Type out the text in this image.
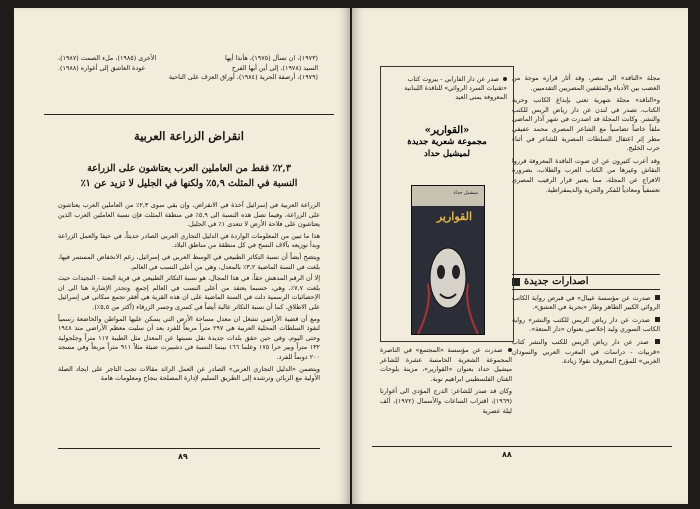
(١٩٧٣)، ان تسأل (١٩٧٥)، هأنذا أيها
الأخرى (١٩٨٥)، ملء الصمت (١٩٨٧)،
السيد (١٩٧٨)، إلى أين أيها الفرح
عودة العاشق إلى أغواره (١٩٨٨).
(١٩٧٩)، أرصفة الحرية (١٩٨٤)، أوراق العزف على الناحية
انقراض الزراعة العربية
٢,٣٪ فقط من العاملين العرب يعتاشون على الزراعة
النسبة في المثلث ٥,٩٪ ولكنها في الجليل لا تزيد عن ١٪

الزراعة العربية في إسرائيل آخذة في الانقراض، وإن بقي سوى ٢,٣٪ من العاملين العرب يعتاشون على الزراعة، وفيما تصل هذه النسبة الى ٥,٩٪ في منطقة المثلث فإن نسبة العاملين العرب الذين يعتاشون على فلاحة الأرض لا تتعدى ١٪ في الجليل.

هذا ما تبين من المعلومات الواردة في الدليل التجاري العربي الصادر حديثاً، في حيفا والعمل الزراعة وبدأ توزيعه بآلاف النسخ في كل منطقة من مناطق البلاد.

ويتضح أيضاً أن نسبة التكاثر الطبيعي في الوسط العربي في إسرائيل، رغم الانخفاض المستمر فيها، بلغت في السنة الماضية ٣,٢٪ بالمعدل، وهي من أعلى النسب في العالم.

إلا أن الرقم المدهش حقاً، في هذا المجال، هو نسبة التكاثر الطبيعي في قرية البعنة - النجيدات حيث بلغت ٧,٧٪، وهي، حسبما يعتقد من أعلى النسب في العالم إجمع. وتجدر الإشارة هنا الى ان الإحصائيات الرسمية دلت في السنة الماضية على ان هذه القرية هي أفقر تجمع سكاني في إسرائيل على الاطلاق. كما أن نسبة التكاثر عالية أيضاً في كسرى وجسر الزرقاء (أكثر من ٥,٥٪).

ومع أن قضية الأراضي تشغل ان معدل مساحة الأرض التي يسكن عليها المواطن والخاضعة رسمياً لنفوذ السلطات المحلية العربية هي ٢٩٧ متراً مربعاً للفرد بعد أن سلبت معظم الأراضي منذ ١٩٤٨ وحتى اليوم، وفي حين حقق بلدات جديدة نقل نسبتها عن المعدل مثل الطيبة ١١٧ متراً وجلجولية ١٣٢ متراً وبير حرا ١٧٥ وعلما ١٦٦ بينما النسبة في دشبيرت ضيئة مثلاً ٩١١ متراً مربعاً وفي مسجد ٢٠٠ دونماً للفرد.

ويتضمن «الدليل التجاري العربي» الصادر عن العمل الزائد مقالات تجب التاجر على ايجاد الصلة الأولية مع الزبائن وترشده إلى الطريق السليم لإدارة المصلحة بنجاح ومعلومات هامة

٨٩

مجلة «الناقد» الى مصر، وقد أثار قراره موجة من الغضب بين الأدباء والمثقفين المصريين التقدميين.

و«الناقد» مجلة شهرية تعنى بإبداع الكاتب وحرية الكتاب، تصدر في لندن عن دار رياض الريس للكتب والنشر. وكانت المجلة قد اصدرت في شهر آذار الماضي ملفاً خاصاً تضامنياً مع الشاعر المصري محمد عفيفي مطر إثر اعتقال السلطات المصرية للشاعر في أثناء حرب الخليج.

وقد أعرب كثيرون عن ان صوت الناقدة المعروفة قرروا النقاش وغيرها من الكتاب العرب والطلاب، بضرورة الافراج عن المجلة، مما يعتبر قرار الرقيب المصري تعسفياً ومعادياً للفكر والحرية والديمقراطية.

اصدارات جديدة

صدرت عن مؤسسة عيبال» في قبرص رواية الكاتب الروائي الكبير الطاهر وطار «بحرية في العشق».

صدرت عن دار رياض الريس للكتب والنشر» رواية الكاتب السوري وليد إخلاصي بعنوان «دار المتعة».

صدر عن دار رياض الريس للكتب والنشر كتاب «قربيات - دراسات في المغرب العربي والسودان الغربي» للمؤرخ المعروف نقولا زيادة.

صدر عن دار الفارابي - بيروت كتاب «تقنيات السرد الروائي» للناقدة اللبنانية المعروفة يمنى العيد
«القوارير»
مجموعة شعرية جديدة
لميشيل حداد
ميشيل حداد
القوارير

صدرت عن مؤسسة «المجتمع» في الناصرة المجموعة الشعرية الخامسة عشرة للشاعر ميشيل حداد بعنوان «القوارير»، مزينة بلوحات الفنان الفلسطيني ابراهيم نوبة.

وكان قد صدر للشاعر: الدرج المؤدي الى أغوارنا (١٩٦٩)، اقتراب الساعات والأسمال (١٩٧٢)، ألف ليلة عصرية

٨٨
